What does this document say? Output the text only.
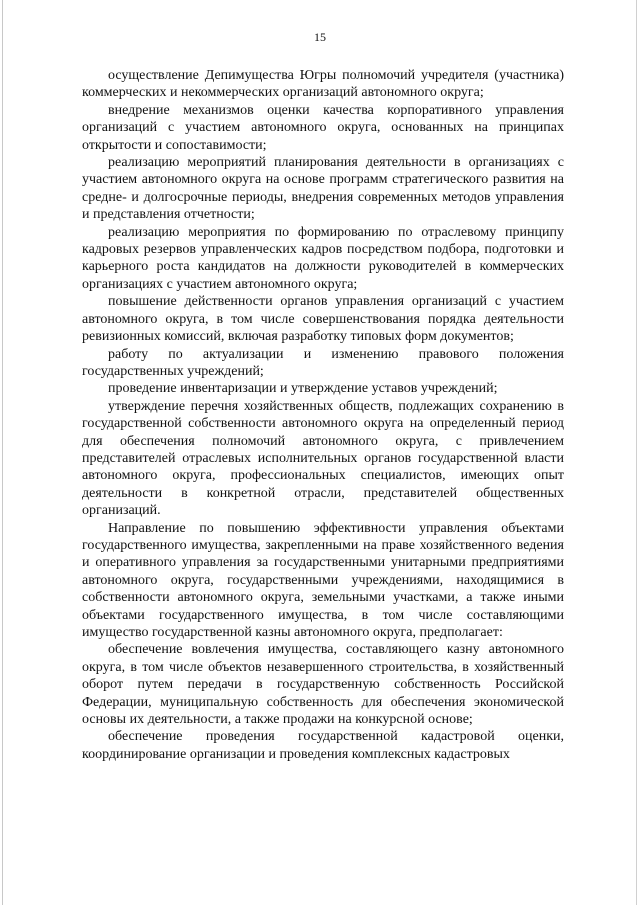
15

осуществление Депимущества Югры полномочий учредителя (участника) коммерческих и некоммерческих организаций автономного округа;

внедрение механизмов оценки качества корпоративного управления организаций с участием автономного округа, основанных на принципах открытости и сопоставимости;

реализацию мероприятий планирования деятельности в организациях с участием автономного округа на основе программ стратегического развития на средне- и долгосрочные периоды, внедрения современных методов управления и представления отчетности;

реализацию мероприятия по формированию по отраслевому принципу кадровых резервов управленческих кадров посредством подбора, подготовки и карьерного роста кандидатов на должности руководителей в коммерческих организациях с участием автономного округа;

повышение действенности органов управления организаций с участием автономного округа, в том числе совершенствования порядка деятельности ревизионных комиссий, включая разработку типовых форм документов;

работу по актуализации и изменению правового положения государственных учреждений;

проведение инвентаризации и утверждение уставов учреждений;

утверждение перечня хозяйственных обществ, подлежащих сохранению в государственной собственности автономного округа на определенный период для обеспечения полномочий автономного округа, с привлечением представителей отраслевых исполнительных органов государственной власти автономного округа, профессиональных специалистов, имеющих опыт деятельности в конкретной отрасли, представителей общественных организаций.

Направление по повышению эффективности управления объектами государственного имущества, закрепленными на праве хозяйственного ведения и оперативного управления за государственными унитарными предприятиями автономного округа, государственными учреждениями, находящимися в собственности автономного округа, земельными участками, а также иными объектами государственного имущества, в том числе составляющими имущество государственной казны автономного округа, предполагает:

обеспечение вовлечения имущества, составляющего казну автономного округа, в том числе объектов незавершенного строительства, в хозяйственный оборот путем передачи в государственную собственность Российской Федерации, муниципальную собственность для обеспечения экономической основы их деятельности, а также продажи на конкурсной основе;

обеспечение проведения государственной кадастровой оценки, координирование организации и проведения комплексных кадастровых
